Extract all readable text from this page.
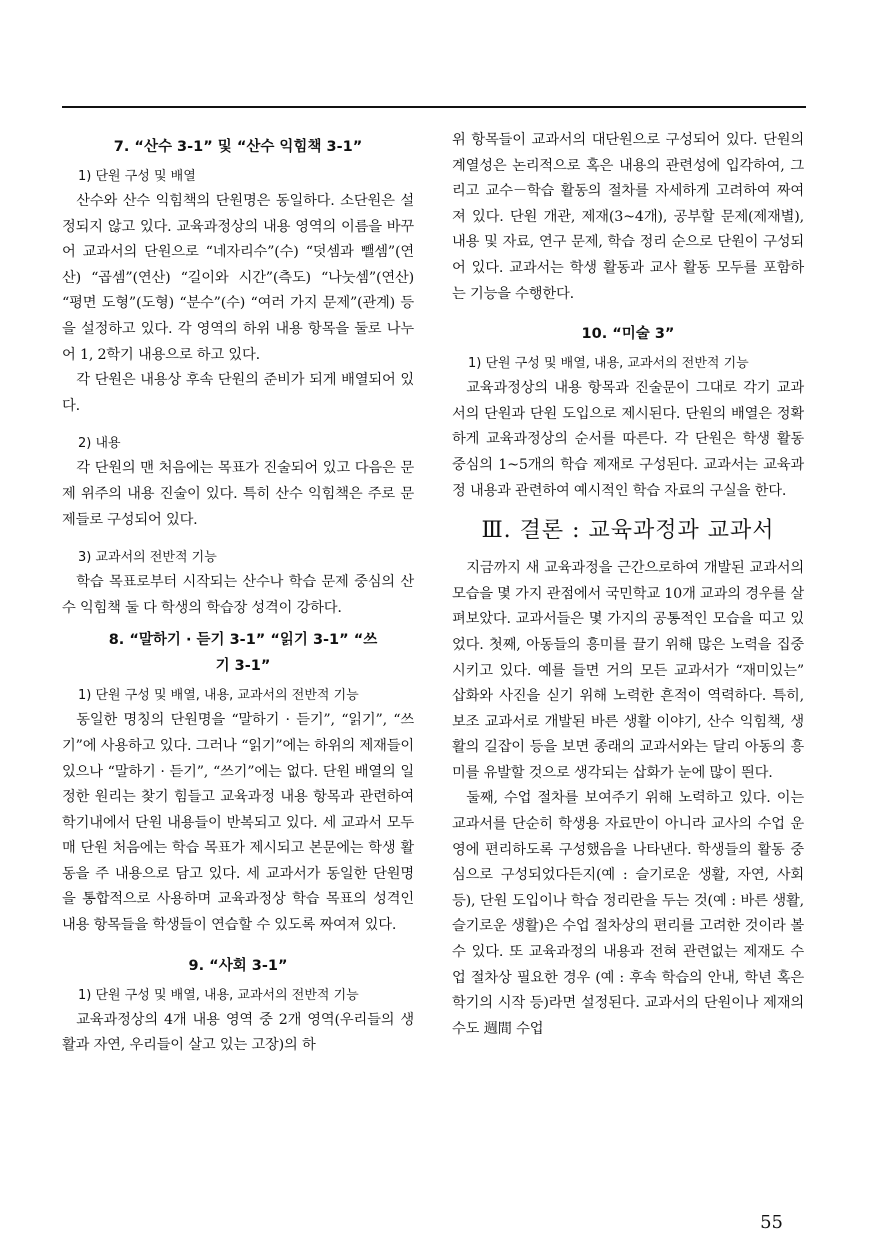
7. “산수 3-1” 및 “산수 익힘책 3-1”
1) 단원 구성 및 배열

산수와 산수 익힘책의 단원명은 동일하다. 소단원은 설정되지 않고 있다. 교육과정상의 내용 영역의 이름을 바꾸어 교과서의 단원으로 “네자리수”(수) “덧셈과 뺄셈”(연산) “곱셈”(연산) “길이와 시간”(측도) “나눗셈”(연산) “평면 도형”(도형) “분수”(수) “여러 가지 문제”(관계) 등을 설정하고 있다. 각 영역의 하위 내용 항목을 둘로 나누어 1, 2학기 내용으로 하고 있다.

각 단원은 내용상 후속 단원의 준비가 되게 배열되어 있다.

2) 내용

각 단원의 맨 처음에는 목표가 진술되어 있고 다음은 문제 위주의 내용 진술이 있다. 특히 산수 익힘책은 주로 문제들로 구성되어 있다.

3) 교과서의 전반적 기능

학습 목표로부터 시작되는 산수나 학습 문제 중심의 산수 익힘책 둘 다 학생의 학습장 성격이 강하다.

8. “말하기 · 듣기 3-1” “읽기 3-1” “쓰기 3-1”
1) 단원 구성 및 배열, 내용, 교과서의 전반적 기능

동일한 명칭의 단원명을 “말하기 · 듣기”, “읽기”, “쓰기”에 사용하고 있다. 그러나 “읽기”에는 하위의 제재들이 있으나 “말하기 · 듣기”, “쓰기”에는 없다. 단원 배열의 일정한 원리는 찾기 힘들고 교육과정 내용 항목과 관련하여 학기내에서 단원 내용들이 반복되고 있다. 세 교과서 모두 매 단원 처음에는 학습 목표가 제시되고 본문에는 학생 활동을 주 내용으로 담고 있다. 세 교과서가 동일한 단원명을 통합적으로 사용하며 교육과정상 학습 목표의 성격인 내용 항목들을 학생들이 연습할 수 있도록 짜여져 있다.

9. “사회 3-1”
1) 단원 구성 및 배열, 내용, 교과서의 전반적 기능

교육과정상의 4개 내용 영역 중 2개 영역(우리들의 생활과 자연, 우리들이 살고 있는 고장)의 하

위 항목들이 교과서의 대단원으로 구성되어 있다. 단원의 계열성은 논리적으로 혹은 내용의 관련성에 입각하여, 그리고 교수－학습 활동의 절차를 자세하게 고려하여 짜여져 있다. 단원 개관, 제재(3~4개), 공부할 문제(제재별), 내용 및 자료, 연구 문제, 학습 정리 순으로 단원이 구성되어 있다. 교과서는 학생 활동과 교사 활동 모두를 포함하는 기능을 수행한다.

10. “미술 3”
1) 단원 구성 및 배열, 내용, 교과서의 전반적 기능

교육과정상의 내용 항목과 진술문이 그대로 각기 교과서의 단원과 단원 도입으로 제시된다. 단원의 배열은 정확하게 교육과정상의 순서를 따른다. 각 단원은 학생 활동 중심의 1~5개의 학습 제재로 구성된다. 교과서는 교육과정 내용과 관련하여 예시적인 학습 자료의 구실을 한다.

Ⅲ. 결론 : 교육과정과 교과서

지금까지 새 교육과정을 근간으로하여 개발된 교과서의 모습을 몇 가지 관점에서 국민학교 10개 교과의 경우를 살펴보았다. 교과서들은 몇 가지의 공통적인 모습을 띠고 있었다. 첫째, 아동들의 흥미를 끌기 위해 많은 노력을 집중시키고 있다. 예를 들면 거의 모든 교과서가 “재미있는” 삽화와 사진을 싣기 위해 노력한 흔적이 역력하다. 특히, 보조 교과서로 개발된 바른 생활 이야기, 산수 익힘책, 생활의 길잡이 등을 보면 종래의 교과서와는 달리 아동의 흥미를 유발할 것으로 생각되는 삽화가 눈에 많이 띈다.

둘째, 수업 절차를 보여주기 위해 노력하고 있다. 이는 교과서를 단순히 학생용 자료만이 아니라 교사의 수업 운영에 편리하도록 구성했음을 나타낸다. 학생들의 활동 중심으로 구성되었다든지(예 : 슬기로운 생활, 자연, 사회 등), 단원 도입이나 학습 정리란을 두는 것(예 : 바른 생활, 슬기로운 생활)은 수업 절차상의 편리를 고려한 것이라 볼 수 있다. 또 교육과정의 내용과 전혀 관련없는 제재도 수업 절차상 필요한 경우 (예 : 후속 학습의 안내, 학년 혹은 학기의 시작 등)라면 설정된다. 교과서의 단원이나 제재의 수도 週間 수업

55
